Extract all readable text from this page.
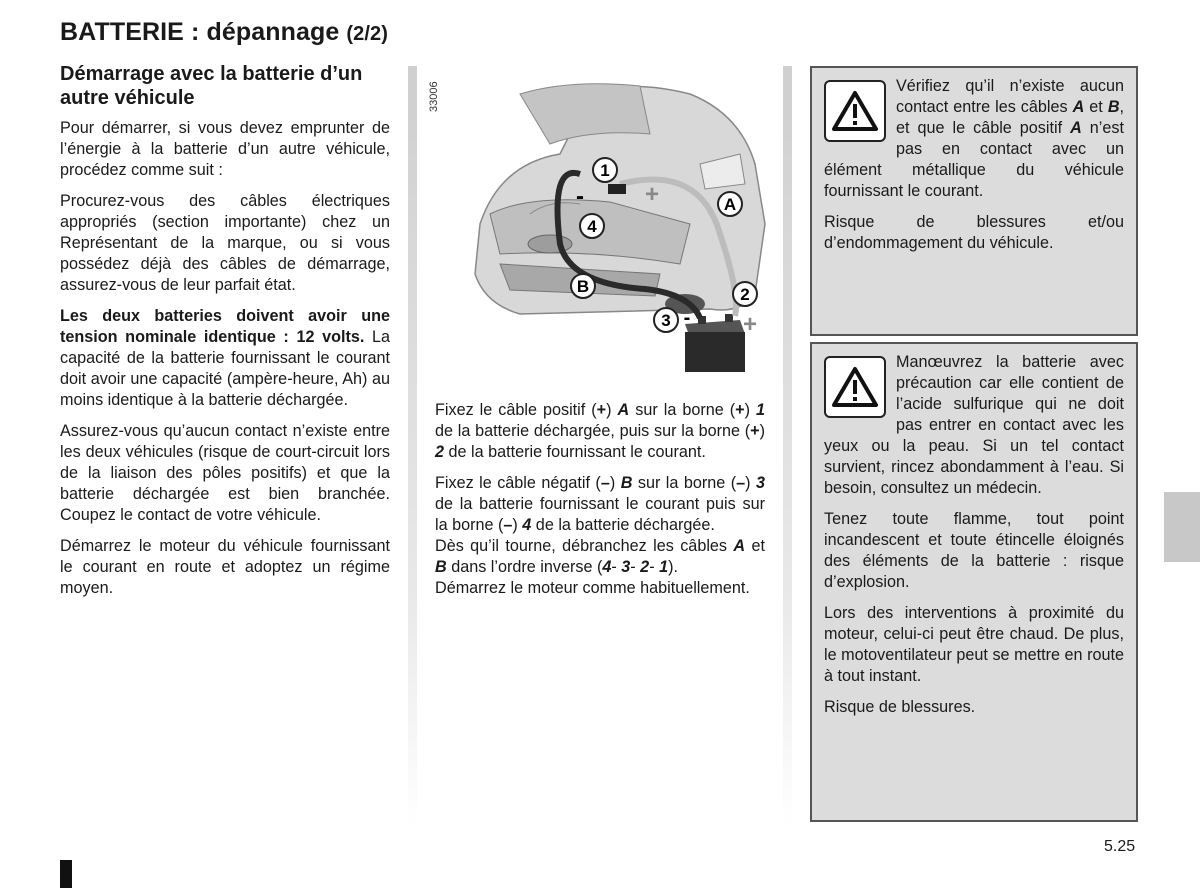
BATTERIE : dépannage (2/2)
Démarrage avec la batterie d’un autre véhicule

Pour démarrer, si vous devez emprunter de l’énergie à la batterie d’un autre véhicule, procédez comme suit :

Procurez-vous des câbles électriques appropriés (section importante) chez un Représentant de la marque, ou si vous possédez déjà des câbles de démarrage, assurez-vous de leur parfait état.

Les deux batteries doivent avoir une tension nominale identique : 12 volts. La capacité de la batterie fournissant le courant doit avoir une capacité (ampère-heure, Ah) au moins identique à la batterie déchargée.

Assurez-vous qu’aucun contact n’existe entre les deux véhicules (risque de court-circuit lors de la liaison des pôles positifs) et que la batterie déchargée est bien branchée. Coupez le contact de votre véhicule.

Démarrez le moteur du véhicule fournissant le courant en route et adoptez un régime moyen.

33006
1
-	+
4
A
B	2
+
3 -

Fixez le câble positif (+) A sur la borne (+) 1 de la batterie déchargée, puis sur la borne (+) 2 de la batterie fournissant le courant.

Fixez le câble négatif (–) B sur la borne (–) 3 de la batterie fournissant le courant puis sur la borne (–) 4 de la batterie déchargée.

Dès qu’il tourne, débranchez les câbles A et B dans l’ordre inverse (4- 3- 2- 1).

Démarrez le moteur comme habituellement.

Vérifiez qu’il n’existe aucun contact entre les câbles A et B, et que le câble positif A n’est pas en contact avec un élément métallique du véhicule fournissant le courant.

Risque de blessures et/ou d’endommagement du véhicule.

Manœuvrez la batterie avec précaution car elle contient de l’acide sulfurique qui ne doit pas entrer en contact avec les yeux ou la peau. Si un tel contact survient, rincez abondamment à l’eau. Si besoin, consultez un médecin.

Tenez toute flamme, tout point incandescent et toute étincelle éloignés des éléments de la batterie : risque d’explosion.

Lors des interventions à proximité du moteur, celui-ci peut être chaud. De plus, le motoventilateur peut se mettre en route à tout instant.

Risque de blessures.

5.25
